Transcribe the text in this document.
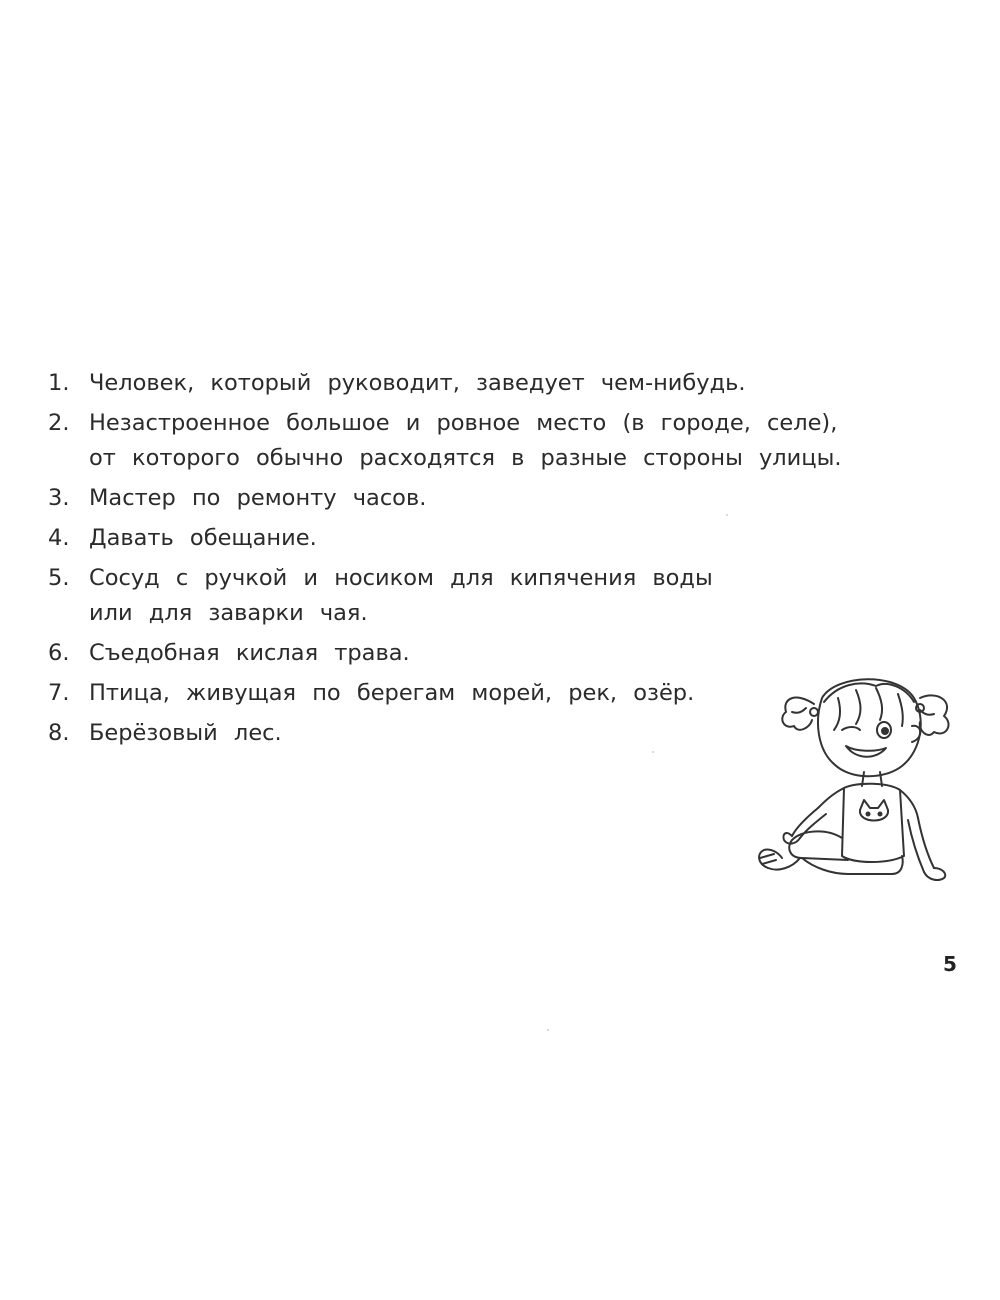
1. Человек, который руководит, заведует чем-нибудь.
2. Незастроенное большое и ровное место (в городе, селе),
от которого обычно расходятся в разные стороны улицы.
3. Мастер по ремонту часов.
4. Давать обещание.
5. Сосуд с ручкой и носиком для кипячения воды
или для заварки чая.
6. Съедобная кислая трава.
7. Птица, живущая по берегам морей, рек, озёр.
8. Берёзовый лес.
5
